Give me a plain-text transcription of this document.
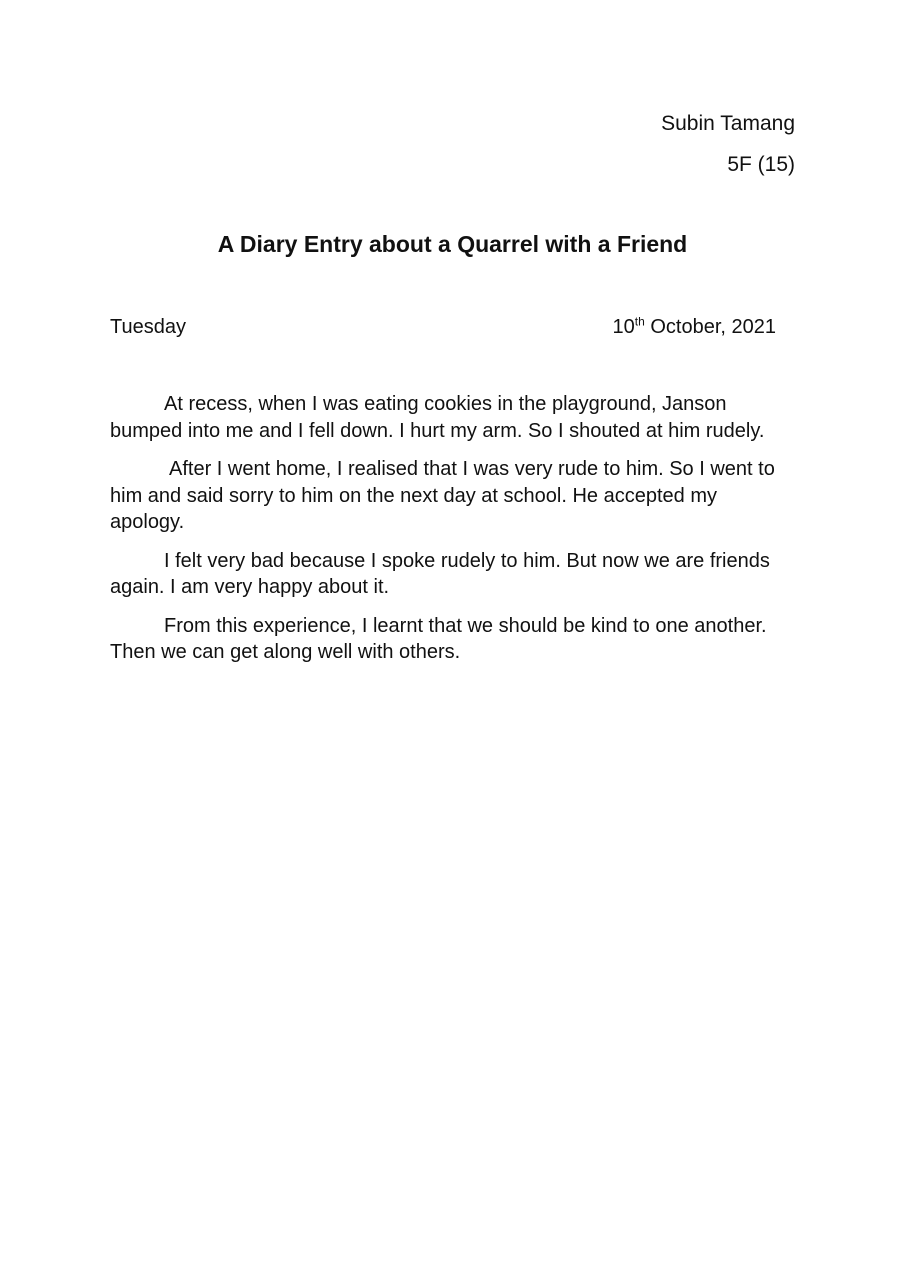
Subin Tamang
5F (15)
A Diary Entry about a Quarrel with a Friend
Tuesday	10th October, 2021

At recess, when I was eating cookies in the playground, Janson bumped into me and I fell down. I hurt my arm. So I shouted at him rudely.

After I went home, I realised that I was very rude to him. So I went to him and said sorry to him on the next day at school. He accepted my apology.

I felt very bad because I spoke rudely to him. But now we are friends again. I am very happy about it.

From this experience, I learnt that we should be kind to one another. Then we can get along well with others.
